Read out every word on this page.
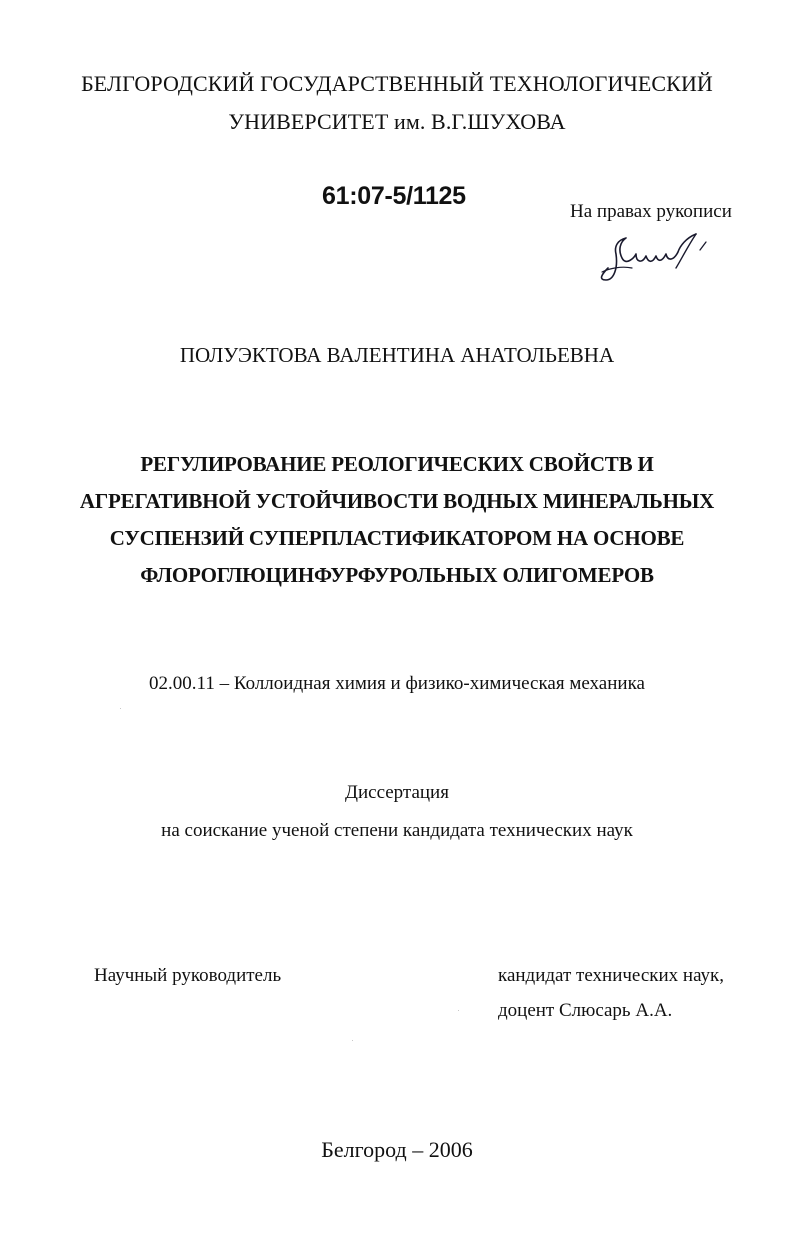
БЕЛГОРОДСКИЙ ГОСУДАРСТВЕННЫЙ ТЕХНОЛОГИЧЕСКИЙ
УНИВЕРСИТЕТ им. В.Г.ШУХОВА
61:07-5/1125
На правах рукописи
ПОЛУЭКТОВА ВАЛЕНТИНА АНАТОЛЬЕВНА
РЕГУЛИРОВАНИЕ РЕОЛОГИЧЕСКИХ СВОЙСТВ И
АГРЕГАТИВНОЙ УСТОЙЧИВОСТИ ВОДНЫХ МИНЕРАЛЬНЫХ
СУСПЕНЗИЙ СУПЕРПЛАСТИФИКАТОРОМ НА ОСНОВЕ
ФЛОРОГЛЮЦИНФУРФУРОЛЬНЫХ ОЛИГОМЕРОВ
02.00.11 – Коллоидная химия и физико-химическая механика
Диссертация
на соискание ученой степени кандидата технических наук
Научный руководитель	кандидат технических наук,
доцент Слюсарь А.А.
Белгород – 2006
